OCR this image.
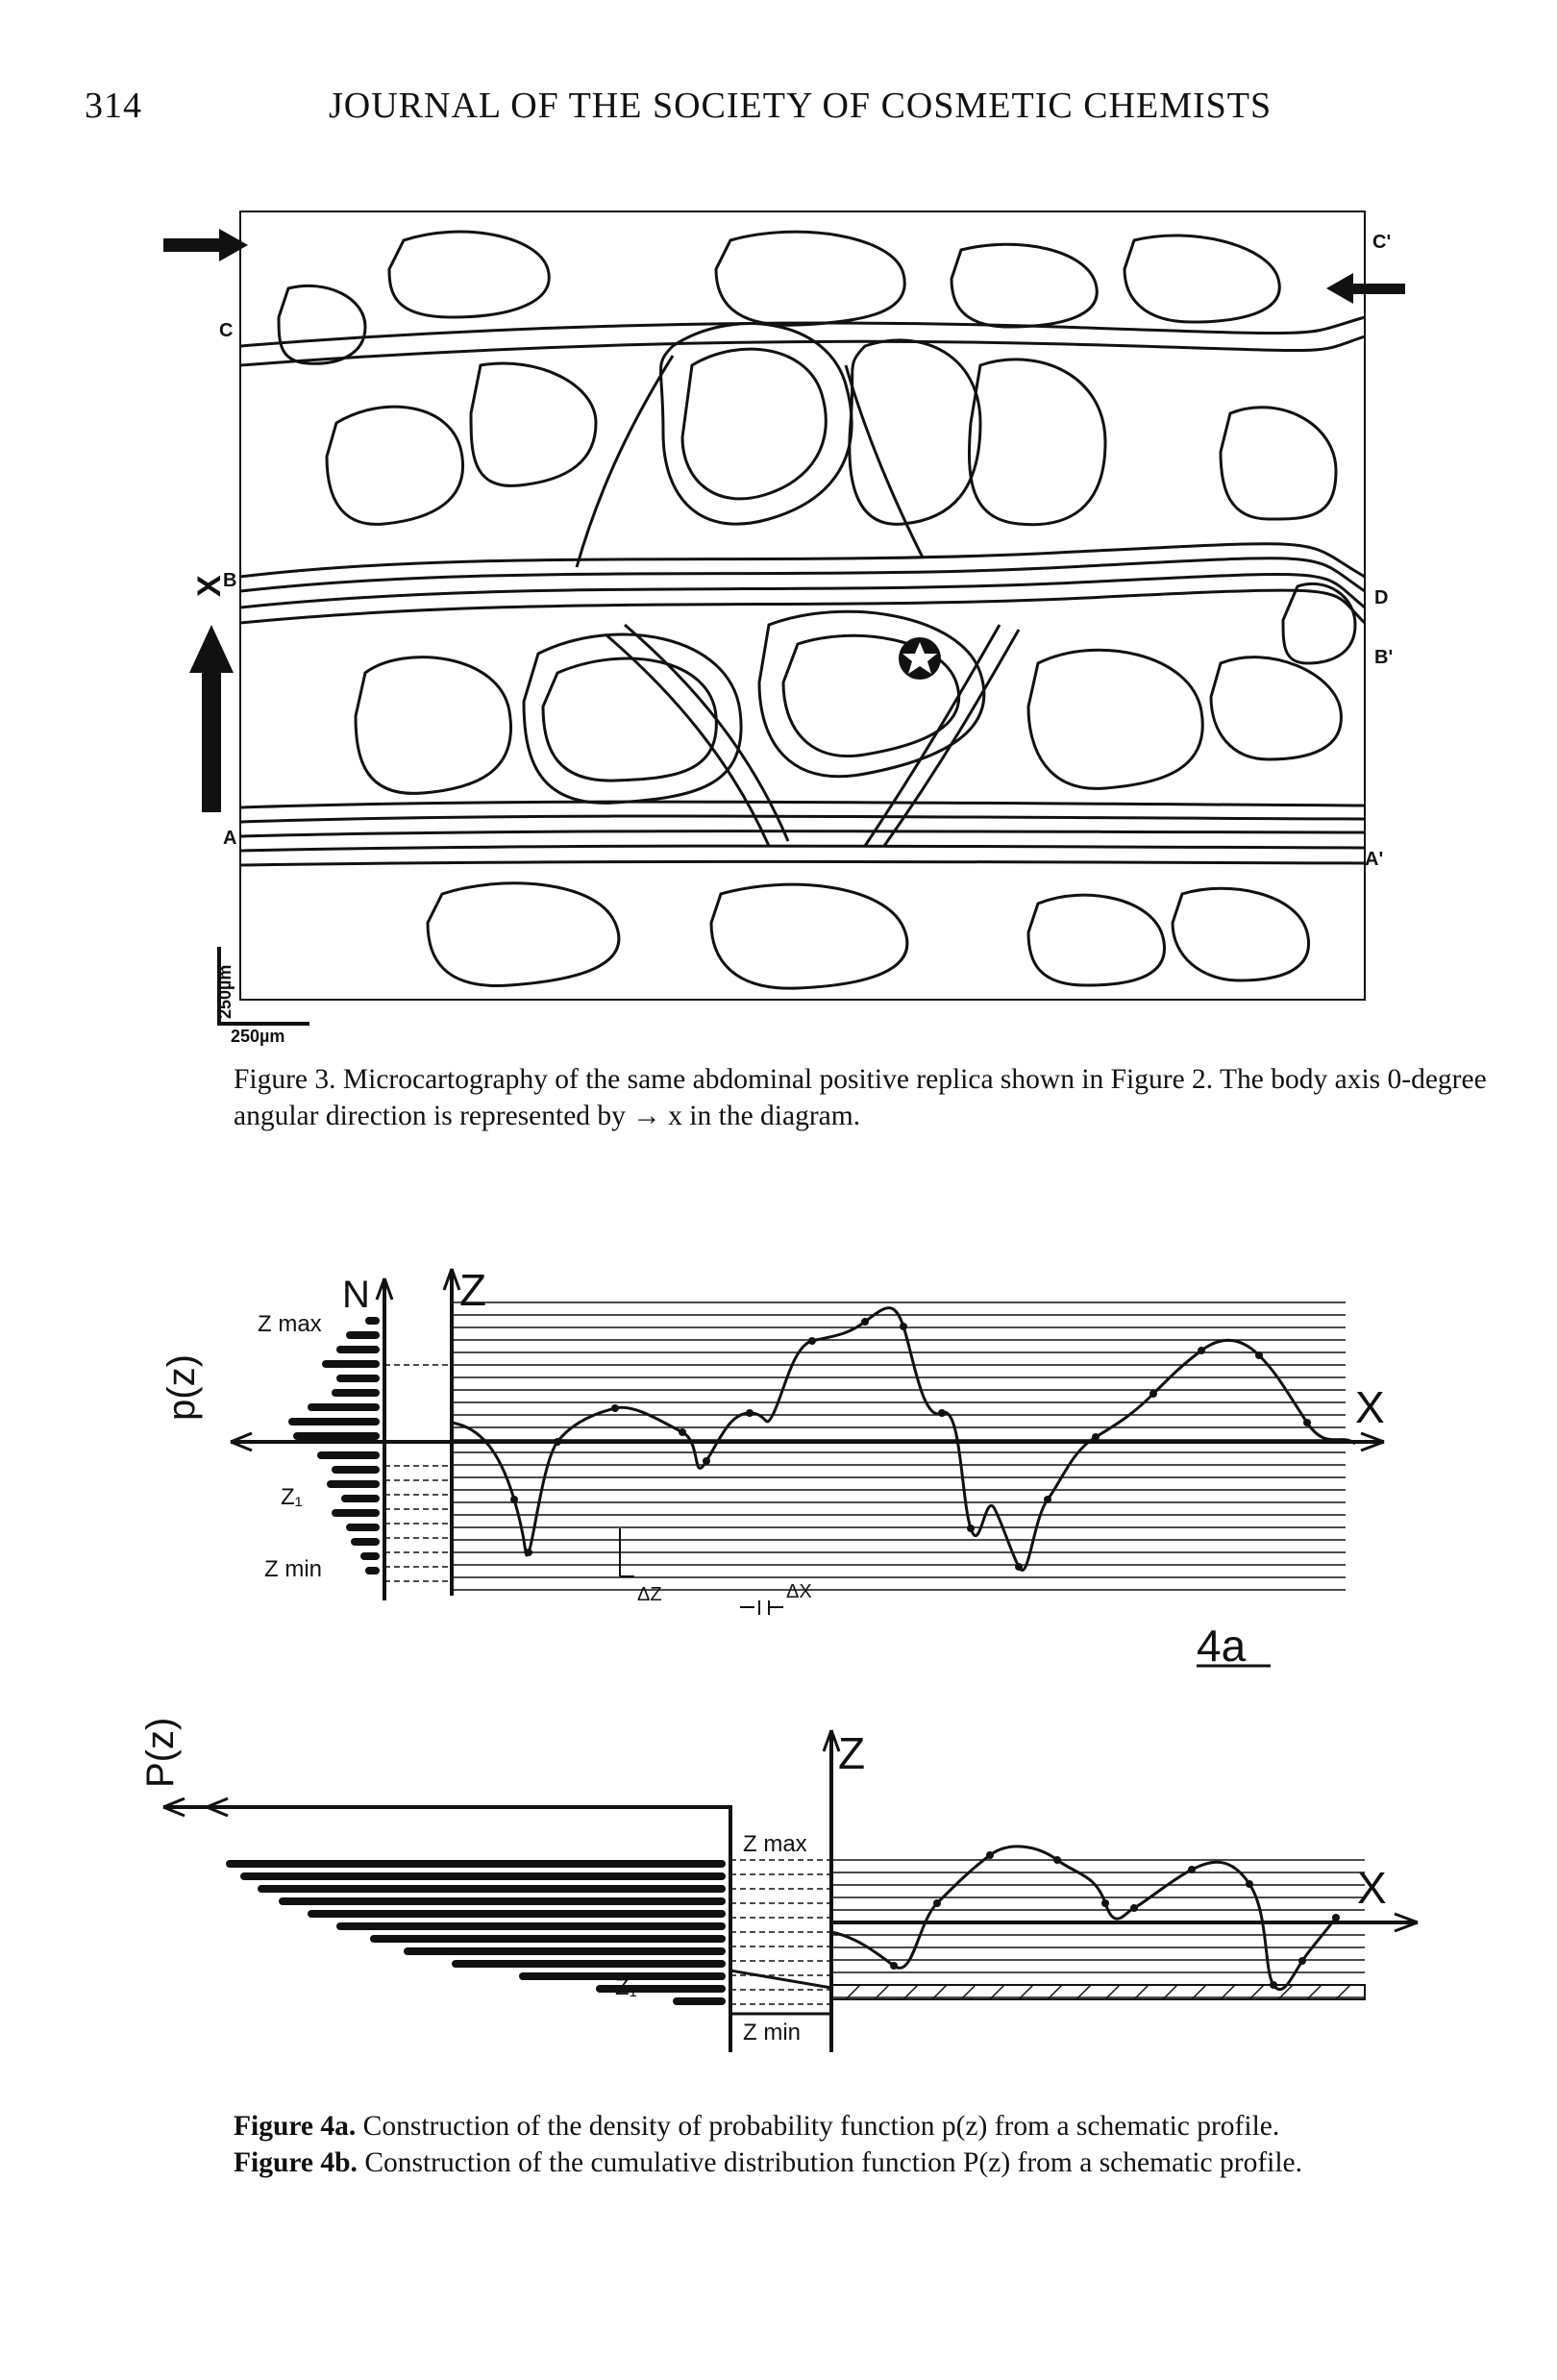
314	JOURNAL OF THE SOCIETY OF COSMETIC CHEMISTS
C
C'
B
D
B'
A
A'
X
250µm
250µm
Figure 3. Microcartography of the same abdominal positive replica shown in Figure 2. The body axis 0-degree angular direction is represented by → x in the diagram.
N Z
Z max
p(z)
Z₁
Z min
X
ΔZ	ΔX
4a
P(z)	Z
Z max
Z₁
Z min
X
Figure 4a. Construction of the density of probability function p(z) from a schematic profile.
Figure 4b. Construction of the cumulative distribution function P(z) from a schematic profile.
